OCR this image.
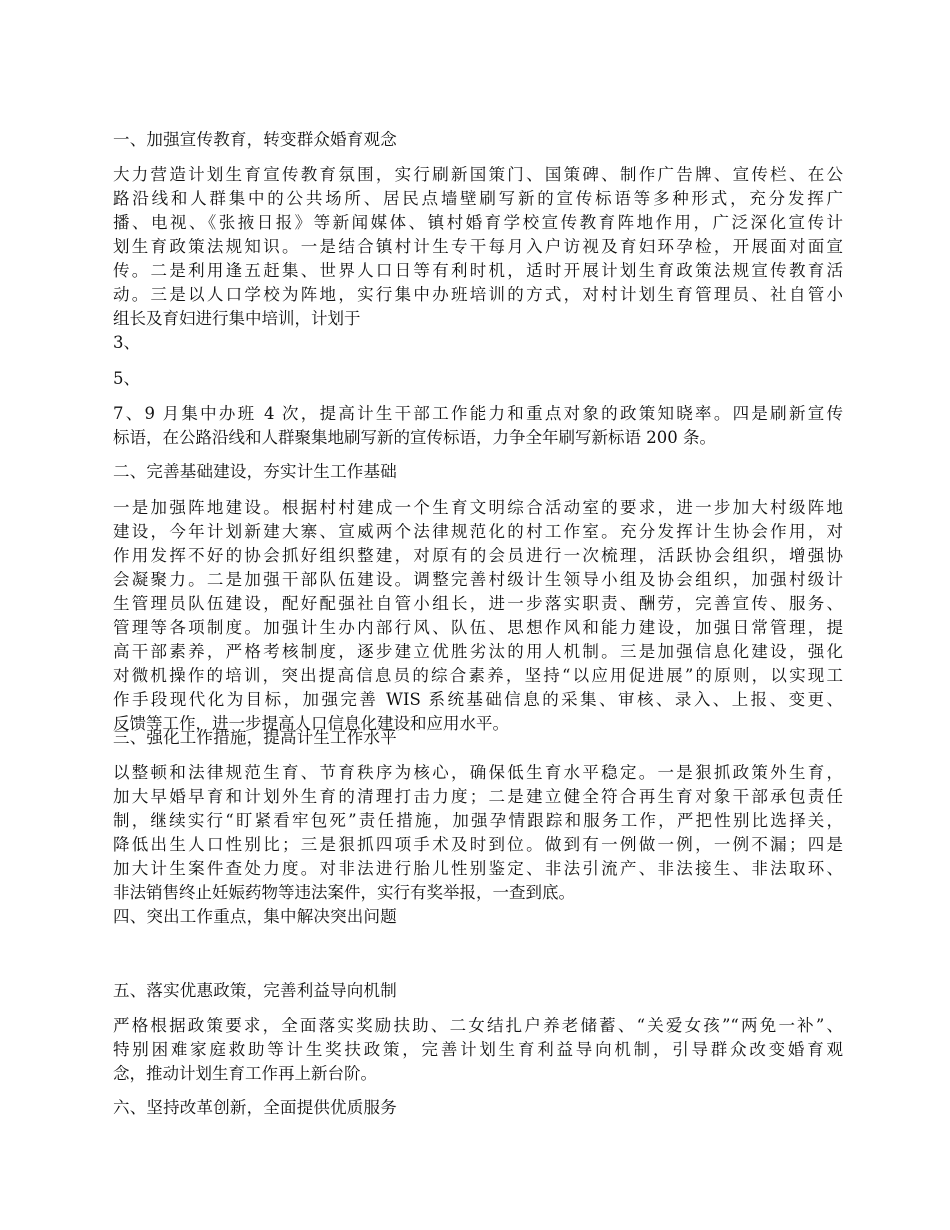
一、加强宣传教育，转变群众婚育观念
大力营造计划生育宣传教育氛围，实行刷新国策门、国策碑、制作广告牌、宣传栏、在公
路沿线和人群集中的公共场所、居民点墙壁刷写新的宣传标语等多种形式，充分发挥广
播、电视、《张掖日报》等新闻媒体、镇村婚育学校宣传教育阵地作用，广泛深化宣传计
划生育政策法规知识。一是结合镇村计生专干每月入户访视及育妇环孕检，开展面对面宣
传。二是利用逢五赶集、世界人口日等有利时机，适时开展计划生育政策法规宣传教育活
动。三是以人口学校为阵地，实行集中办班培训的方式，对村计划生育管理员、社自管小
组长及育妇进行集中培训，计划于
3、
5、
7、9 月集中办班 4 次，提高计生干部工作能力和重点对象的政策知晓率。四是刷新宣传
标语，在公路沿线和人群聚集地刷写新的宣传标语，力争全年刷写新标语 200 条。
二、完善基础建设，夯实计生工作基础
一是加强阵地建设。根据村村建成一个生育文明综合活动室的要求，进一步加大村级阵地
建设，今年计划新建大寨、宣威两个法律规范化的村工作室。充分发挥计生协会作用，对
作用发挥不好的协会抓好组织整建，对原有的会员进行一次梳理，活跃协会组织，增强协
会凝聚力。二是加强干部队伍建设。调整完善村级计生领导小组及协会组织，加强村级计
生管理员队伍建设，配好配强社自管小组长，进一步落实职责、酬劳，完善宣传、服务、
管理等各项制度。加强计生办内部行风、队伍、思想作风和能力建设，加强日常管理，提
高干部素养，严格考核制度，逐步建立优胜劣汰的用人机制。三是加强信息化建设，强化
对微机操作的培训，突出提高信息员的综合素养，坚持“以应用促进展”的原则，以实现工
作手段现代化为目标，加强完善 WIS 系统基础信息的采集、审核、录入、上报、变更、
反馈等工作，进一步提高人口信息化建设和应用水平。
三、强化工作措施，提高计生工作水平
以整顿和法律规范生育、节育秩序为核心，确保低生育水平稳定。一是狠抓政策外生育，
加大早婚早育和计划外生育的清理打击力度；二是建立健全符合再生育对象干部承包责任
制，继续实行“盯紧看牢包死”责任措施，加强孕情跟踪和服务工作，严把性别比选择关，
降低出生人口性别比；三是狠抓四项手术及时到位。做到有一例做一例，一例不漏；四是
加大计生案件查处力度。对非法进行胎儿性别鉴定、非法引流产、非法接生、非法取环、
非法销售终止妊娠药物等违法案件，实行有奖举报，一查到底。
四、突出工作重点，集中解决突出问题
五、落实优惠政策，完善利益导向机制
严格根据政策要求，全面落实奖励扶助、二女结扎户养老储蓄、“关爱女孩”“两免一补”、
特别困难家庭救助等计生奖扶政策，完善计划生育利益导向机制，引导群众改变婚育观
念，推动计划生育工作再上新台阶。
六、坚持改革创新，全面提供优质服务
